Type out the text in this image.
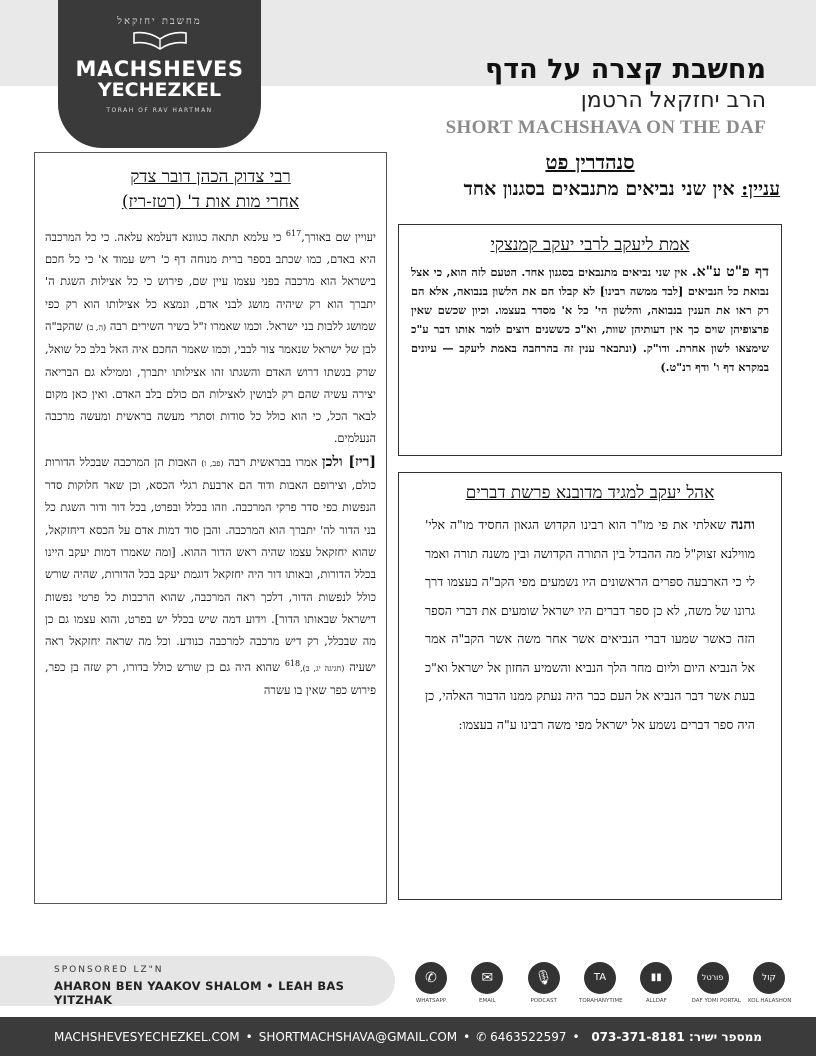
מחשבת יחזקאל
MACHSHEVES
YECHEZKEL
TORAH OF RAV HARTMAN
מחשבת קצרה על הדף
הרב יחזקאל הרטמן
SHORT MACHSHAVA ON THE DAF
סנהדרין פט
עניין: אין שני נביאים מתנבאים בסגנון אחד
אמת ליעקב לרבי יעקב קמנצקי

דף פ"ט ע"א. אין שני נביאים מתנבאים בסגנון אחד. הטעם לזה הוא, כי אצל נבואת כל הנביאים [לבד ממשה רבינו] לא קבלו הם את הלשון בנבואה, אלא הם רק ראו את הענין בנבואה, והלשון הי' כל א' מסדר בעצמו. וכיון שכשם שאין פרצופיהן שוים כך אין דעותיהן שוות, וא"כ כששנים רוצים לומר אותו דבר ע"כ שימצאו לשון אחרת. ודו"ק. (ונתבאר ענין זה בהרחבה באמת ליעקב — עיונים במקרא דף ו' ודף רנ"ט.)

אהל יעקב למגיד מדובנא פרשת דברים

והנה שאלתי את פי מו"ר הוא רבינו הקדוש הגאון החסיד מו"ה אלי' מווילנא זצוק"ל מה ההבדל בין התורה הקדושה ובין משנה תורה ואמר לי כי הארבעה ספרים הראשונים היו נשמעים מפי הקב"ה בעצמו דרך גרונו של משה, לא כן ספר דברים היו ישראל שומעים את דברי הספר הזה כאשר שמעו דברי הנביאים אשר אחר משה אשר הקב"ה אמר אל הנביא היום וליום מחר הלך הנביא והשמיע החזון אל ישראל וא"כ בעת אשר דבר הנביא אל העם כבר היה נעתק ממנו הדבור האלהי, כן היה ספר דברים נשמע אל ישראל מפי משה רבינו ע"ה בעצמו:

רבי צדוק הכהן דובר צדק
אחרי מות אות ד' (רטז-ריז)

יעויין שם באורך,$^{617}$ כי עלמא תתאה כגוונא דעלמא עלאה. כי כל המרכבה היא באדם, כמו שכתב בספר ברית מנוחה דף כ' ריש עמוד א' כי כל חכם בישראל הוא מרכבה בפני עצמו עיין שם, פירוש כי כל אצילות השגת ה' יתברך הוא רק שיהיה מושג לבני אדם, ונמצא כל אצילותו הוא רק כפי שמושג ללבות בני ישראל. וכמו שאמרו ז"ל בשיר השירים רבה (ה, ב) שהקב"ה לבן של ישראל שנאמר צור לבבי, וכמו שאמר החכם איה האל בלב כל שואל, שרק בגשתו דרוש האדם והשגתו זהו אצילותו יתברך, וממילא גם הבריאה יצירה עשיה שהם רק לבושין לאצילות הם כולם בלב האדם. ואין כאן מקום לבאר הכל, כי הוא כולל כל סודות וסתרי מעשה בראשית ומעשה מרכבה הנעלמים.

[ריז] ולכן אמרו בבראשית רבה (פב, ו) האבות הן המרכבה שבכלל הדורות כולם, וצירופם האבות ודוד הם ארבעת רגלי הכסא, וכן שאר חלוקות סדר הנפשות כפי סדר פרקי המרכבה. וזהו בכלל ובפרט, בכל דור ודור השגת כל בני הדור לה' יתברך הוא המרכבה. והבן סוד דמות אדם על הכסא דיחזקאל, שהוא יחזקאל עצמו שהיה ראש הדור ההוא. [ומה שאמרו דמות יעקב היינו בכלל הדורות, ובאותו דור היה יחזקאל דוגמת יעקב בכל הדורות, שהיה שורש כולל לנפשות הדור, דלכך ראה המרכבה, שהוא הרכבות כל פרטי נפשות דישראל שבאותו הדור]. וידוע דמה שיש בכלל יש בפרט, והוא עצמו גם כן מה שבכלל, רק דיש מרכבה למרכבה כנודע. וכל מה שראה יחזקאל ראה ישעיה (חגיגה יג, ב),$^{618}$ שהוא היה גם כן שורש כולל בדורו, רק שזה בן כפר, פירוש כפר שאין בו עשרה

SPONSORED LZ"N
AHARON BEN YAAKOV SHALOM • LEAH BAS YITZHAK
✆
WHATSAPP
✉
EMAIL
🎙
PODCAST
TA
TORAHANYTIME
▮▮
ALLDAF
פורטל
DAF YOMI PORTAL
קול
KOL HALASHON
MACHSHEVESYECHEZKEL.COM • SHORTMACHSHAVA@GMAIL.COM • ✆ 6463522597 •	ממספר ישיר: 073-371-8181
